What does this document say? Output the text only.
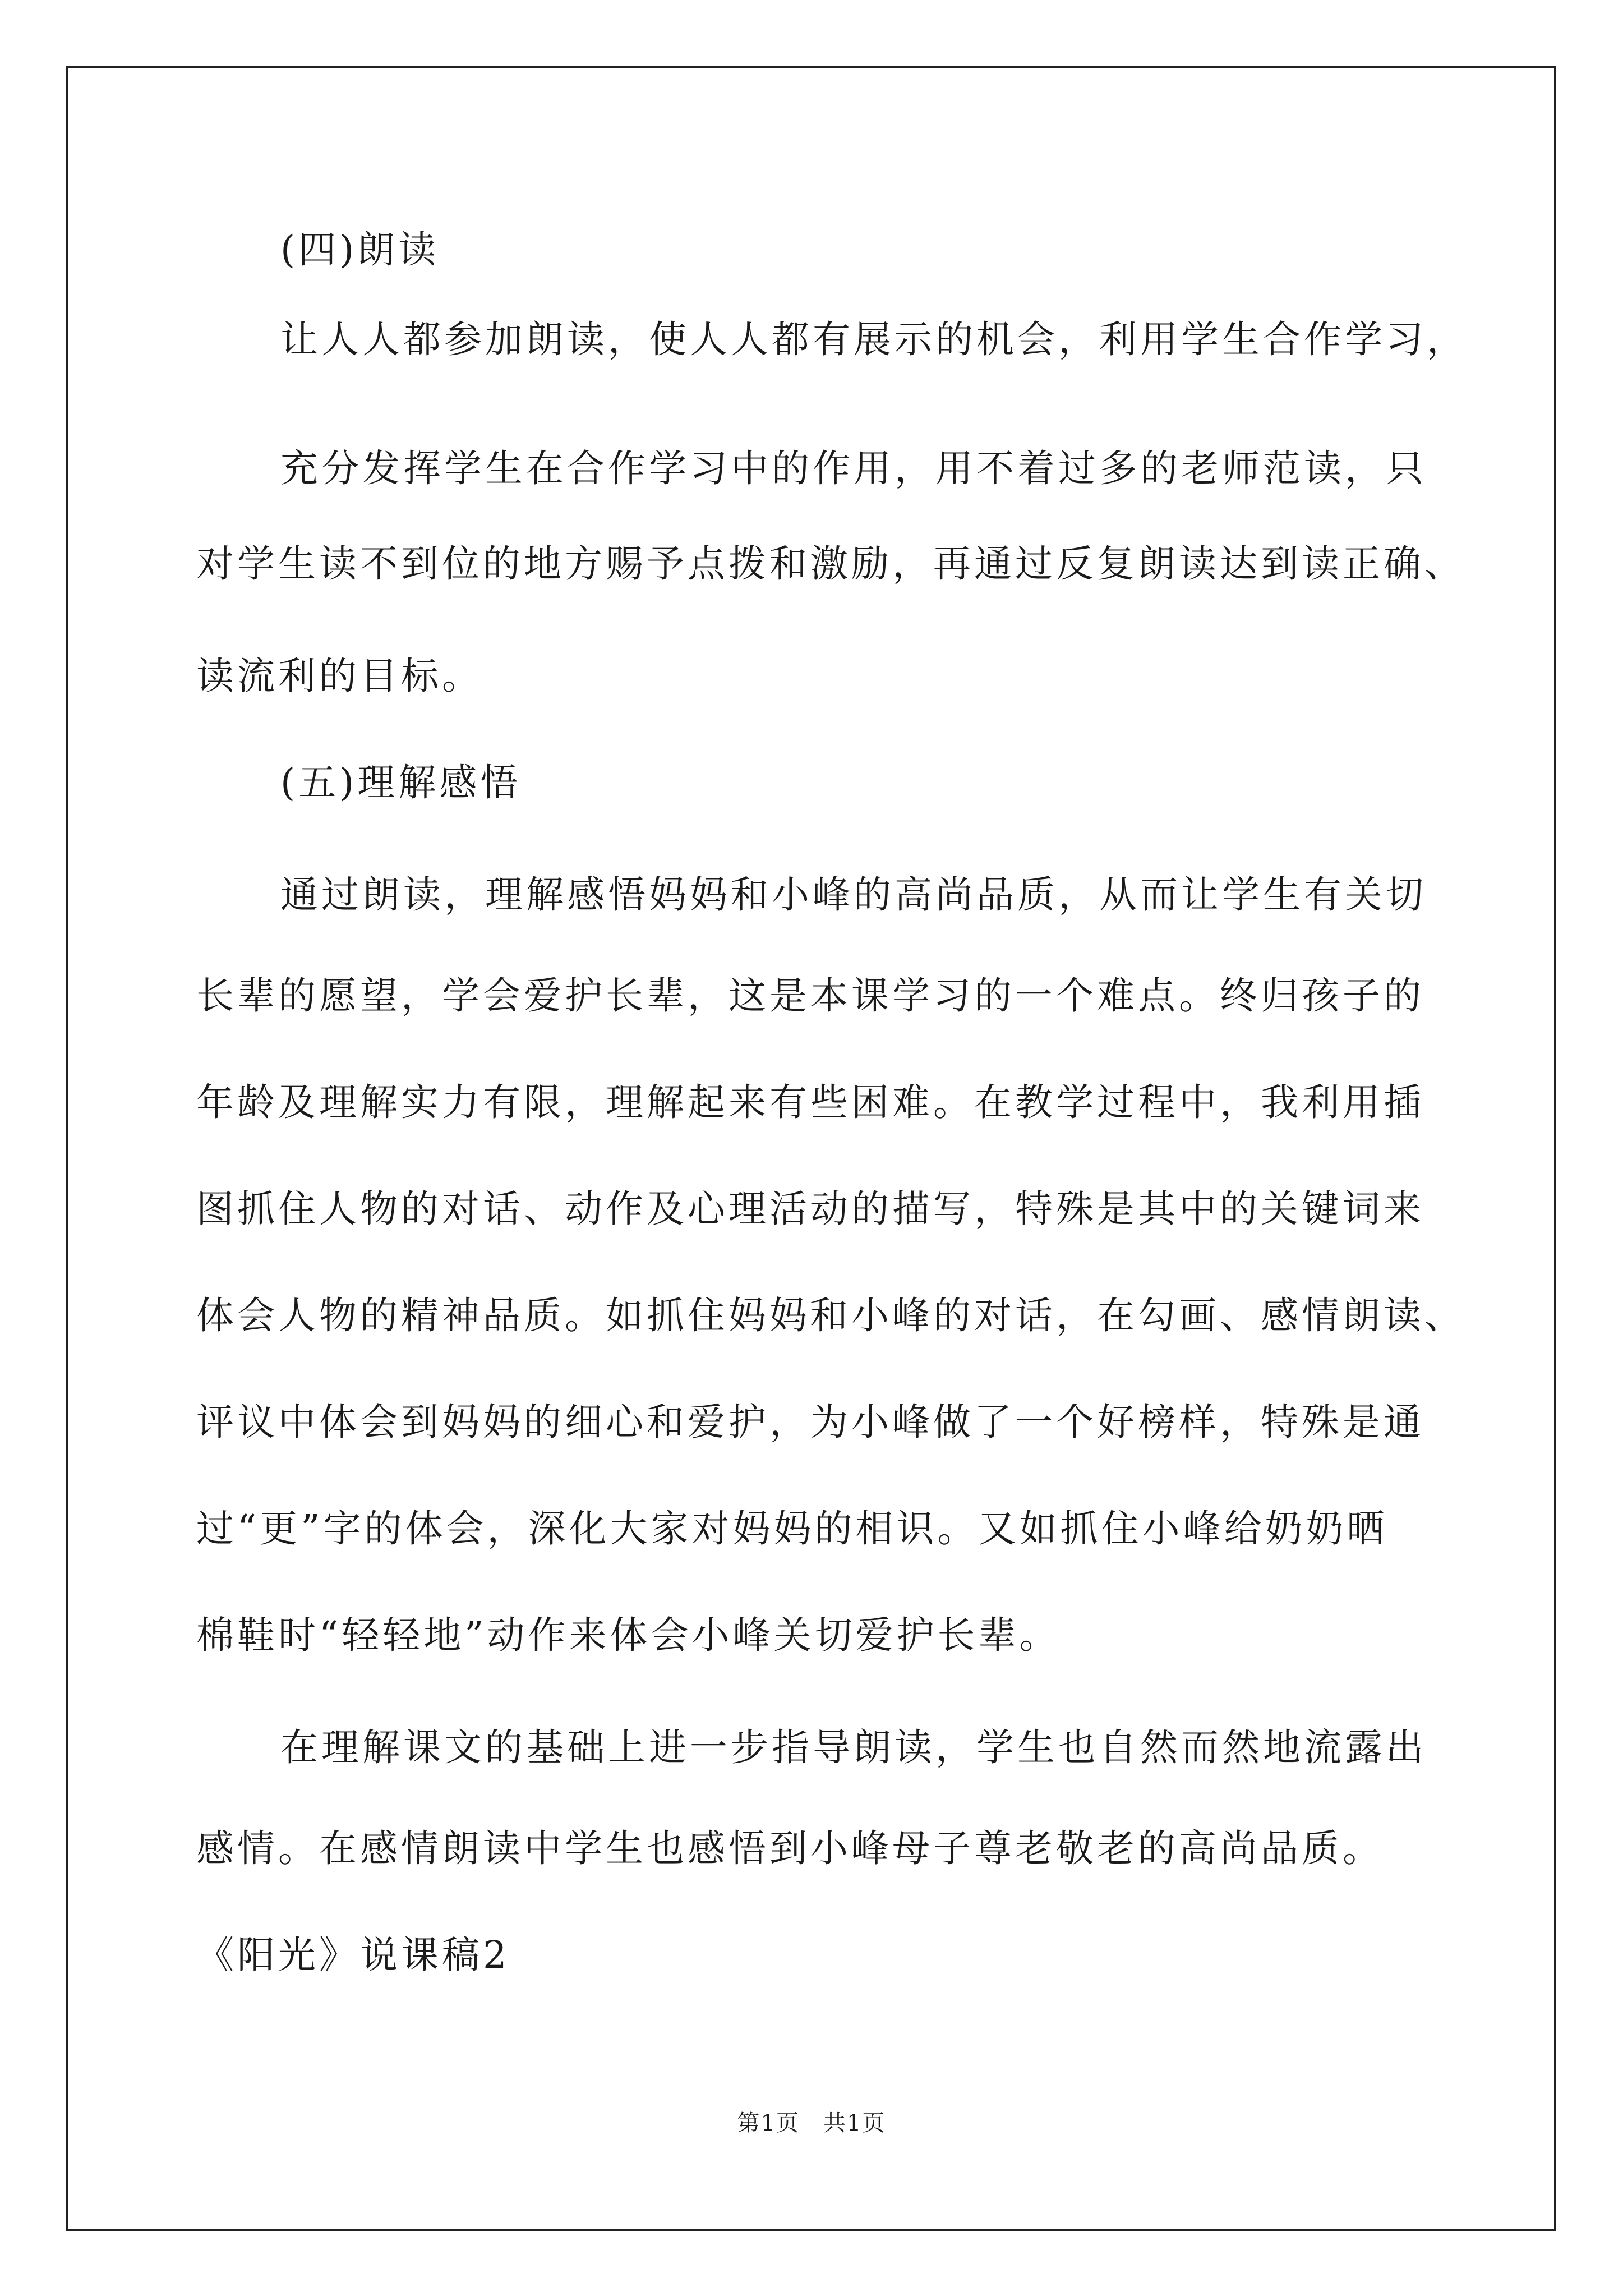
(四)朗读
让人人都参加朗读，使人人都有展示的机会，利用学生合作学习，
充分发挥学生在合作学习中的作用，用不着过多的老师范读，只
对学生读不到位的地方赐予点拨和激励，再通过反复朗读达到读正确、
读流利的目标。
(五)理解感悟
通过朗读，理解感悟妈妈和小峰的高尚品质，从而让学生有关切
长辈的愿望，学会爱护长辈，这是本课学习的一个难点。终归孩子的
年龄及理解实力有限，理解起来有些困难。在教学过程中，我利用插
图抓住人物的对话、动作及心理活动的描写，特殊是其中的关键词来
体会人物的精神品质。如抓住妈妈和小峰的对话，在勾画、感情朗读、
评议中体会到妈妈的细心和爱护，为小峰做了一个好榜样，特殊是通
过“更”字的体会，深化大家对妈妈的相识。又如抓住小峰给奶奶晒
棉鞋时“轻轻地”动作来体会小峰关切爱护长辈。
在理解课文的基础上进一步指导朗读，学生也自然而然地流露出
感情。在感情朗读中学生也感悟到小峰母子尊老敬老的高尚品质。
《阳光》说课稿2
第1页　共1页
